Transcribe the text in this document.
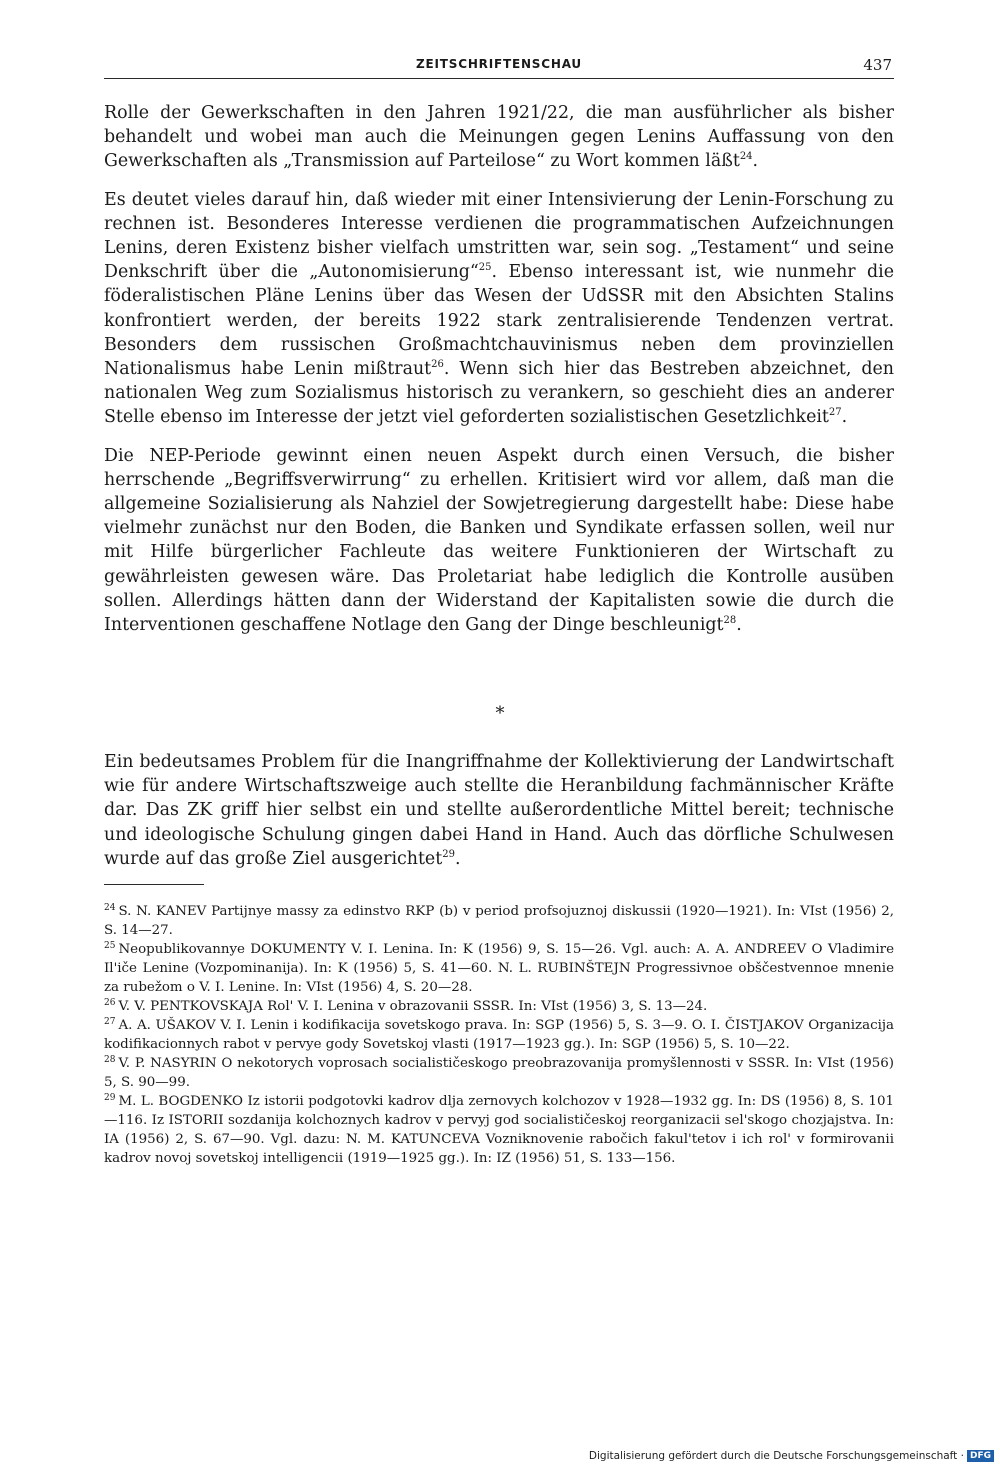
ZEITSCHRIFTENSCHAU	437

Rolle der Gewerkschaften in den Jahren 1921/22, die man ausführlicher als bisher behandelt und wobei man auch die Meinungen gegen Lenins Auffassung von den Gewerkschaften als „Transmission auf Parteilose“ zu Wort kommen läßt$^{24}$.

Es deutet vieles darauf hin, daß wieder mit einer Intensivierung der Lenin-Forschung zu rechnen ist. Besonderes Interesse verdienen die programmatischen Aufzeichnungen Lenins, deren Existenz bisher vielfach umstritten war, sein sog. „Testament“ und seine Denkschrift über die „Autonomisierung“$^{25}$. Ebenso interessant ist, wie nunmehr die föderalistischen Pläne Lenins über das Wesen der UdSSR mit den Absichten Stalins konfrontiert werden, der bereits 1922 stark zentralisierende Tendenzen vertrat. Besonders dem russischen Großmachtchauvinismus neben dem provinziellen Nationalismus habe Lenin mißtraut$^{26}$. Wenn sich hier das Bestreben abzeichnet, den nationalen Weg zum Sozialismus historisch zu verankern, so geschieht dies an anderer Stelle ebenso im Interesse der jetzt viel geforderten sozialistischen Gesetzlichkeit$^{27}$.

Die NEP-Periode gewinnt einen neuen Aspekt durch einen Versuch, die bisher herrschende „Begriffsverwirrung“ zu erhellen. Kritisiert wird vor allem, daß man die allgemeine Sozialisierung als Nahziel der Sowjetregierung dargestellt habe: Diese habe vielmehr zunächst nur den Boden, die Banken und Syndikate erfassen sollen, weil nur mit Hilfe bürgerlicher Fachleute das weitere Funktionieren der Wirtschaft zu gewährleisten gewesen wäre. Das Proletariat habe lediglich die Kontrolle ausüben sollen. Allerdings hätten dann der Widerstand der Kapitalisten sowie die durch die Interventionen geschaffene Notlage den Gang der Dinge beschleunigt$^{28}$.

*

Ein bedeutsames Problem für die Inangriffnahme der Kollektivierung der Landwirtschaft wie für andere Wirtschaftszweige auch stellte die Heranbildung fachmännischer Kräfte dar. Das ZK griff hier selbst ein und stellte außerordentliche Mittel bereit; technische und ideologische Schulung gingen dabei Hand in Hand. Auch das dörfliche Schulwesen wurde auf das große Ziel ausgerichtet$^{29}$.

$^{24}$ S. N. KANEV Partijnye massy za edinstvo RKP (b) v period profsojuznoj diskussii (1920—1921). In: VIst (1956) 2, S. 14—27.

$^{25}$ Neopublikovannye DOKUMENTY V. I. Lenina. In: K (1956) 9, S. 15—26. Vgl. auch: A. A. ANDREEV O Vladimire Il'iče Lenine (Vozpominanija). In: K (1956) 5, S. 41—60. N. L. RUBINŠTEJN Progressivnoe obščestvennoe mnenie za rubežom o V. I. Lenine. In: VIst (1956) 4, S. 20—28.

$^{26}$ V. V. PENTKOVSKAJA Rol' V. I. Lenina v obrazovanii SSSR. In: VIst (1956) 3, S. 13—24.

$^{27}$ A. A. UŠAKOV V. I. Lenin i kodifikacija sovetskogo prava. In: SGP (1956) 5, S. 3—9. O. I. ČISTJAKOV Organizacija kodifikacionnych rabot v pervye gody Sovetskoj vlasti (1917—1923 gg.). In: SGP (1956) 5, S. 10—22.

$^{28}$ V. P. NASYRIN O nekotorych voprosach socialističeskogo preobrazovanija promyšlennosti v SSSR. In: VIst (1956) 5, S. 90—99.

$^{29}$ M. L. BOGDENKO Iz istorii podgotovki kadrov dlja zernovych kolchozov v 1928—1932 gg. In: DS (1956) 8, S. 101—116. Iz ISTORII sozdanija kolchoznych kadrov v pervyj god socialističeskoj reorganizacii sel'skogo chozjajstva. In: IA (1956) 2, S. 67—90. Vgl. dazu: N. M. KATUNCEVA Vozniknovenie rabočich fakul'tetov i ich rol' v formirovanii kadrov novoj sovetskoj intelligencii (1919—1925 gg.). In: IZ (1956) 51, S. 133—156.

Digitalisierung gefördert durch die Deutsche Forschungsgemeinschaft · DFG
